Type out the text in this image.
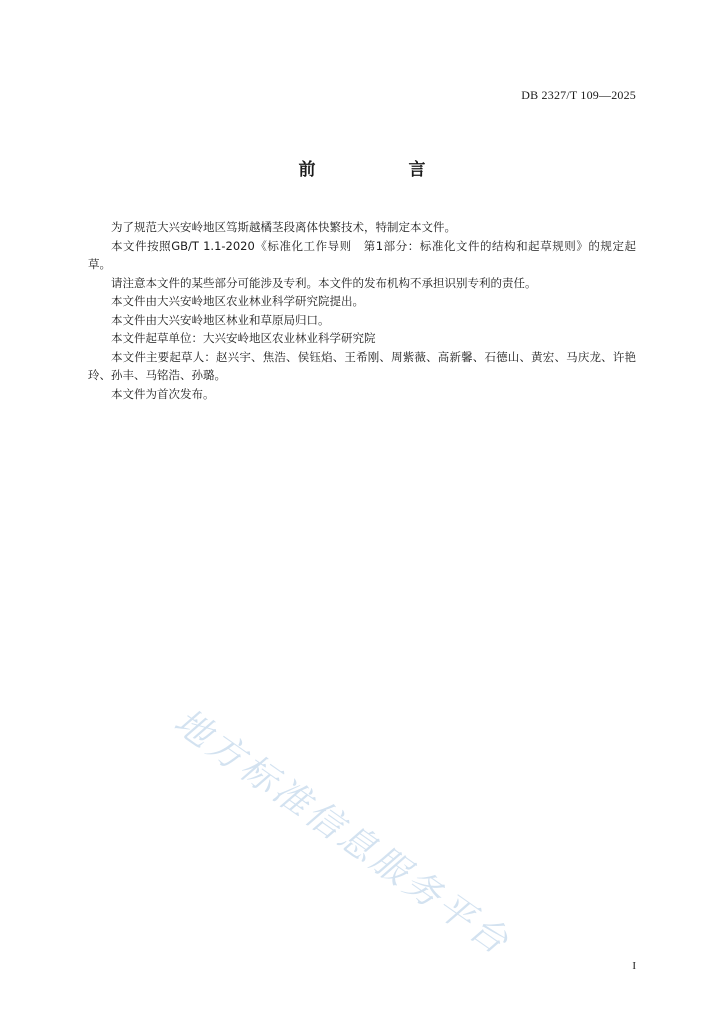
DB 2327/T 109—2025
前　言

为了规范大兴安岭地区笃斯越橘茎段离体快繁技术，特制定本文件。

本文件按照GB/T 1.1-2020《标准化工作导则　第1部分：标准化文件的结构和起草规则》的规定起草。

请注意本文件的某些部分可能涉及专利。本文件的发布机构不承担识别专利的责任。

本文件由大兴安岭地区农业林业科学研究院提出。

本文件由大兴安岭地区林业和草原局归口。

本文件起草单位：大兴安岭地区农业林业科学研究院

本文件主要起草人：赵兴宇、焦浩、侯钰焰、王希刚、周紫薇、高新馨、石德山、黄宏、马庆龙、许艳玲、孙丰、马铭浩、孙璐。

本文件为首次发布。

地方标准信息服务平台
I
